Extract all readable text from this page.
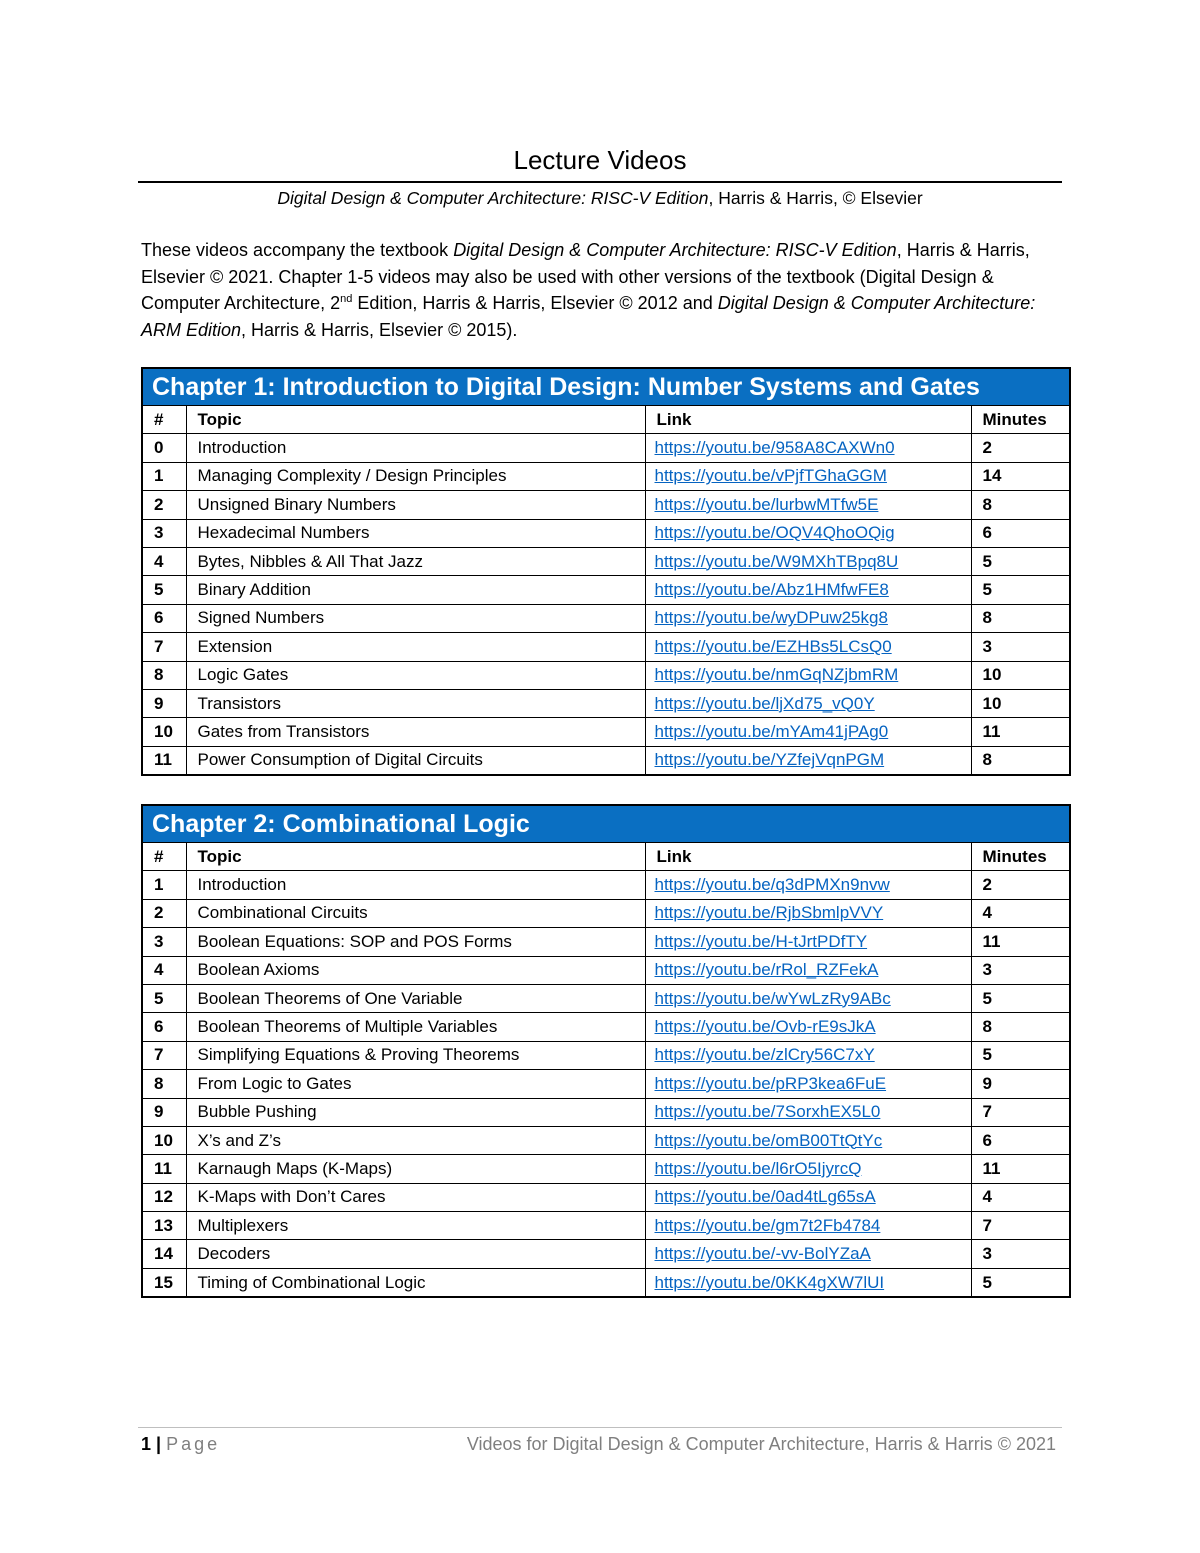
Lecture Videos
Digital Design & Computer Architecture: RISC-V Edition, Harris & Harris, © Elsevier
These videos accompany the textbook Digital Design & Computer Architecture: RISC-V Edition, Harris & Harris, Elsevier © 2021. Chapter 1-5 videos may also be used with other versions of the textbook (Digital Design & Computer Architecture, 2nd Edition, Harris & Harris, Elsevier © 2012 and Digital Design & Computer Architecture: ARM Edition, Harris & Harris, Elsevier © 2015).
Chapter 1: Introduction to Digital Design: Number Systems and Gates			
#	Topic	Link	Minutes
0	Introduction	https://youtu.be/958A8CAXWn0	2
1	Managing Complexity / Design Principles	https://youtu.be/vPjfTGhaGGM	14
2	Unsigned Binary Numbers	https://youtu.be/lurbwMTfw5E	8
3	Hexadecimal Numbers	https://youtu.be/OQV4QhoOQig	6
4	Bytes, Nibbles & All That Jazz	https://youtu.be/W9MXhTBpq8U	5
5	Binary Addition	https://youtu.be/Abz1HMfwFE8	5
6	Signed Numbers	https://youtu.be/wyDPuw25kg8	8
7	Extension	https://youtu.be/EZHBs5LCsQ0	3
8	Logic Gates	https://youtu.be/nmGqNZjbmRM	10
9	Transistors	https://youtu.be/ljXd75_vQ0Y	10
10	Gates from Transistors	https://youtu.be/mYAm41jPAg0	11
11	Power Consumption of Digital Circuits	https://youtu.be/YZfejVqnPGM	8
Chapter 2: Combinational Logic			
#	Topic	Link	Minutes
1	Introduction	https://youtu.be/q3dPMXn9nvw	2
2	Combinational Circuits	https://youtu.be/RjbSbmlpVVY	4
3	Boolean Equations: SOP and POS Forms	https://youtu.be/H-tJrtPDfTY	11
4	Boolean Axioms	https://youtu.be/rRol_RZFekA	3
5	Boolean Theorems of One Variable	https://youtu.be/wYwLzRy9ABc	5
6	Boolean Theorems of Multiple Variables	https://youtu.be/Ovb-rE9sJkA	8
7	Simplifying Equations & Proving Theorems	https://youtu.be/zlCry56C7xY	5
8	From Logic to Gates	https://youtu.be/pRP3kea6FuE	9
9	Bubble Pushing	https://youtu.be/7SorxhEX5L0	7
10	X’s and Z’s	https://youtu.be/omB00TtQtYc	6
11	Karnaugh Maps (K-Maps)	https://youtu.be/l6rO5IjyrcQ	11
12	K-Maps with Don’t Cares	https://youtu.be/0ad4tLg65sA	4
13	Multiplexers	https://youtu.be/gm7t2Fb4784	7
14	Decoders	https://youtu.be/-vv-BolYZaA	3
15	Timing of Combinational Logic	https://youtu.be/0KK4gXW7lUI	5
1 | Page	Videos for Digital Design & Computer Architecture, Harris & Harris © 2021
